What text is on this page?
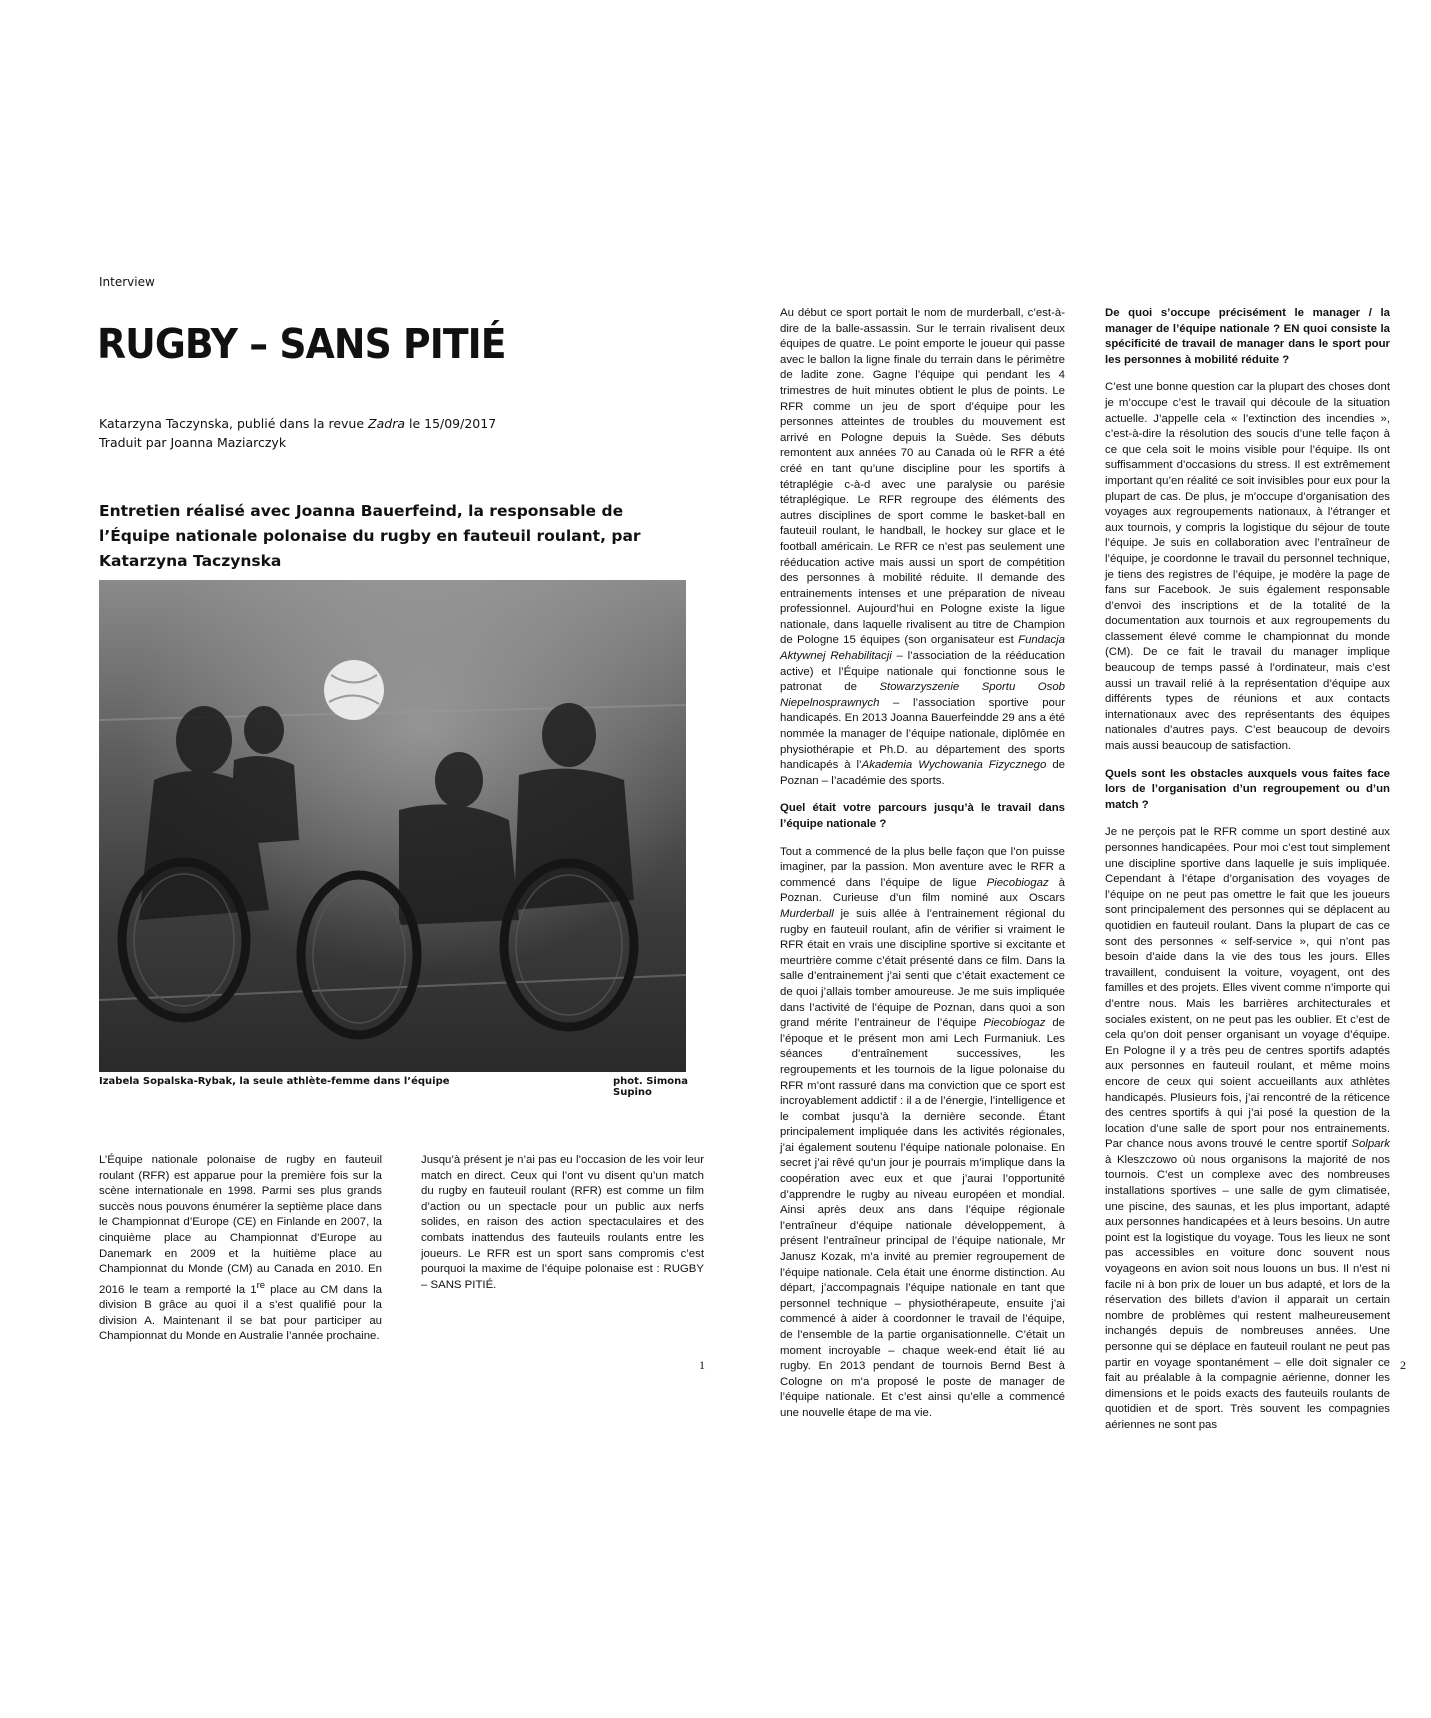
Interview
RUGBY – SANS PITIÉ
Katarzyna Taczynska, publié dans la revue Zadra le 15/09/2017
Traduit par Joanna Maziarczyk

Entretien réalisé avec Joanna Bauerfeind, la responsable de l’Équipe nationale polonaise du rugby en fauteuil roulant, par Katarzyna Taczynska

Izabela Sopalska-Rybak, la seule athlète-femme dans l’équipe	phot. Simona Supino

L’Équipe nationale polonaise de rugby en fauteuil roulant (RFR) est apparue pour la première fois sur la scène internationale en 1998. Parmi ses plus grands succès nous pouvons énumérer la septième place dans le Championnat d’Europe (CE) en Finlande en 2007, la cinquième place au Championnat d’Europe au Danemark en 2009 et la huitième place au Championnat du Monde (CM) au Canada en 2010. En 2016 le team a remporté la 1re place au CM dans la division B grâce au quoi il a s’est qualifié pour la division A. Maintenant il se bat pour participer au Championnat du Monde en Australie l’année prochaine.

Jusqu’à présent je n’ai pas eu l’occasion de les voir leur match en direct. Ceux qui l’ont vu disent qu’un match du rugby en fauteuil roulant (RFR) est comme un film d’action ou un spectacle pour un public aux nerfs solides, en raison des action spectaculaires et des combats inattendus des fauteuils roulants entre les joueurs. Le RFR est un sport sans compromis c’est pourquoi la maxime de l’équipe polonaise est : RUGBY – SANS PITIÉ.

1

Au début ce sport portait le nom de murderball, c’est-à-dire de la balle-assassin. Sur le terrain rivalisent deux équipes de quatre. Le point emporte le joueur qui passe avec le ballon la ligne finale du terrain dans le périmètre de ladite zone. Gagne l’équipe qui pendant les 4 trimestres de huit minutes obtient le plus de points. Le RFR comme un jeu de sport d’équipe pour les personnes atteintes de troubles du mouvement est arrivé en Pologne depuis la Suède. Ses débuts remontent aux années 70 au Canada où le RFR a été créé en tant qu’une discipline pour les sportifs à tétraplégie c-à-d avec une paralysie ou parésie tétraplégique. Le RFR regroupe des éléments des autres disciplines de sport comme le basket-ball en fauteuil roulant, le handball, le hockey sur glace et le football américain. Le RFR ce n’est pas seulement une rééducation active mais aussi un sport de compétition des personnes à mobilité réduite. Il demande des entrainements intenses et une préparation de niveau professionnel. Aujourd’hui en Pologne existe la ligue nationale, dans laquelle rivalisent au titre de Champion de Pologne 15 équipes (son organisateur est Fundacja Aktywnej Rehabilitacji – l’association de la rééducation active) et l’Équipe nationale qui fonctionne sous le patronat de Stowarzyszenie Sportu Osob Niepelnosprawnych – l’association sportive pour handicapés. En 2013 Joanna Bauerfeindde 29 ans a été nommée la manager de l’équipe nationale, diplômée en physiothérapie et Ph.D. au département des sports handicapés à l’Akademia Wychowania Fizycznego de Poznan – l’académie des sports.

Quel était votre parcours jusqu’à le travail dans l’équipe nationale ?

Tout a commencé de la plus belle façon que l’on puisse imaginer, par la passion. Mon aventure avec le RFR a commencé dans l’équipe de ligue Piecobiogaz à Poznan. Curieuse d’un film nominé aux Oscars Murderball je suis allée à l’entrainement régional du rugby en fauteuil roulant, afin de vérifier si vraiment le RFR était en vrais une discipline sportive si excitante et meurtrière comme c’était présenté dans ce film. Dans la salle d’entrainement j’ai senti que c’était exactement ce de quoi j’allais tomber amoureuse. Je me suis impliquée dans l’activité de l’équipe de Poznan, dans quoi a son grand mérite l’entraineur de l’équipe Piecobiogaz de l’époque et le présent mon ami Lech Furmaniuk. Les séances d’entraînement successives, les regroupements et les tournois de la ligue polonaise du RFR m’ont rassuré dans ma conviction que ce sport est incroyablement addictif : il a de l’énergie, l’intelligence et le combat jusqu’à la dernière seconde. Étant principalement impliquée dans les activités régionales, j’ai également soutenu l’équipe nationale polonaise. En secret j’ai rêvé qu’un jour je pourrais m’implique dans la coopération avec eux et que j’aurai l’opportunité d’apprendre le rugby au niveau européen et mondial. Ainsi après deux ans dans l’équipe régionale l’entraîneur d’équipe nationale développement, à présent l’entraîneur principal de l’équipe nationale, Mr Janusz Kozak, m’a invité au premier regroupement de l’équipe nationale. Cela était une énorme distinction. Au départ, j’accompagnais l’équipe nationale en tant que personnel technique – physiothérapeute, ensuite j’ai commencé à aider à coordonner le travail de l’équipe, de l’ensemble de la partie organisationnelle. C’était un moment incroyable – chaque week-end était lié au rugby. En 2013 pendant de tournois Bernd Best à Cologne on m’a proposé le poste de manager de l’équipe nationale. Et c’est ainsi qu’elle a commencé une nouvelle étape de ma vie.

De quoi s’occupe précisément le manager / la manager de l’équipe nationale ? EN quoi consiste la spécificité de travail de manager dans le sport pour les personnes à mobilité réduite ?

C’est une bonne question car la plupart des choses dont je m’occupe c’est le travail qui découle de la situation actuelle. J’appelle cela « l’extinction des incendies », c’est-à-dire la résolution des soucis d’une telle façon à ce que cela soit le moins visible pour l’équipe. Ils ont suffisamment d’occasions du stress. Il est extrêmement important qu’en réalité ce soit invisibles pour eux pour la plupart de cas. De plus, je m’occupe d’organisation des voyages aux regroupements nationaux, à l’étranger et aux tournois, y compris la logistique du séjour de toute l’équipe. Je suis en collaboration avec l’entraîneur de l’équipe, je coordonne le travail du personnel technique, je tiens des registres de l’équipe, je modère la page de fans sur Facebook. Je suis également responsable d’envoi des inscriptions et de la totalité de la documentation aux tournois et aux regroupements du classement élevé comme le championnat du monde (CM). De ce fait le travail du manager implique beaucoup de temps passé à l’ordinateur, mais c’est aussi un travail relié à la représentation d’équipe aux différents types de réunions et aux contacts internationaux avec des représentants des équipes nationales d’autres pays. C’est beaucoup de devoirs mais aussi beaucoup de satisfaction.

Quels sont les obstacles auxquels vous faites face lors de l’organisation d’un regroupement ou d’un match ?

Je ne perçois pat le RFR comme un sport destiné aux personnes handicapées. Pour moi c’est tout simplement une discipline sportive dans laquelle je suis impliquée. Cependant à l’étape d’organisation des voyages de l’équipe on ne peut pas omettre le fait que les joueurs sont principalement des personnes qui se déplacent au quotidien en fauteuil roulant. Dans la plupart de cas ce sont des personnes « self-service », qui n’ont pas besoin d’aide dans la vie des tous les jours. Elles travaillent, conduisent la voiture, voyagent, ont des familles et des projets. Elles vivent comme n’importe qui d’entre nous. Mais les barrières architecturales et sociales existent, on ne peut pas les oublier. Et c’est de cela qu’on doit penser organisant un voyage d’équipe. En Pologne il y a très peu de centres sportifs adaptés aux personnes en fauteuil roulant, et même moins encore de ceux qui soient accueillants aux athlètes handicapés. Plusieurs fois, j’ai rencontré de la réticence des centres sportifs à qui j’ai posé la question de la location d’une salle de sport pour nos entrainements. Par chance nous avons trouvé le centre sportif Solpark à Kleszczowo où nous organisons la majorité de nos tournois. C’est un complexe avec des nombreuses installations sportives – une salle de gym climatisée, une piscine, des saunas, et les plus important, adapté aux personnes handicapées et à leurs besoins. Un autre point est la logistique du voyage. Tous les lieux ne sont pas accessibles en voiture donc souvent nous voyageons en avion soit nous louons un bus. Il n’est ni facile ni à bon prix de louer un bus adapté, et lors de la réservation des billets d’avion il apparait un certain nombre de problèmes qui restent malheureusement inchangés depuis de nombreuses années. Une personne qui se déplace en fauteuil roulant ne peut pas partir en voyage spontanément – elle doit signaler ce fait au préalable à la compagnie aérienne, donner les dimensions et le poids exacts des fauteuils roulants de quotidien et de sport. Très souvent les compagnies aériennes ne sont pas

2
